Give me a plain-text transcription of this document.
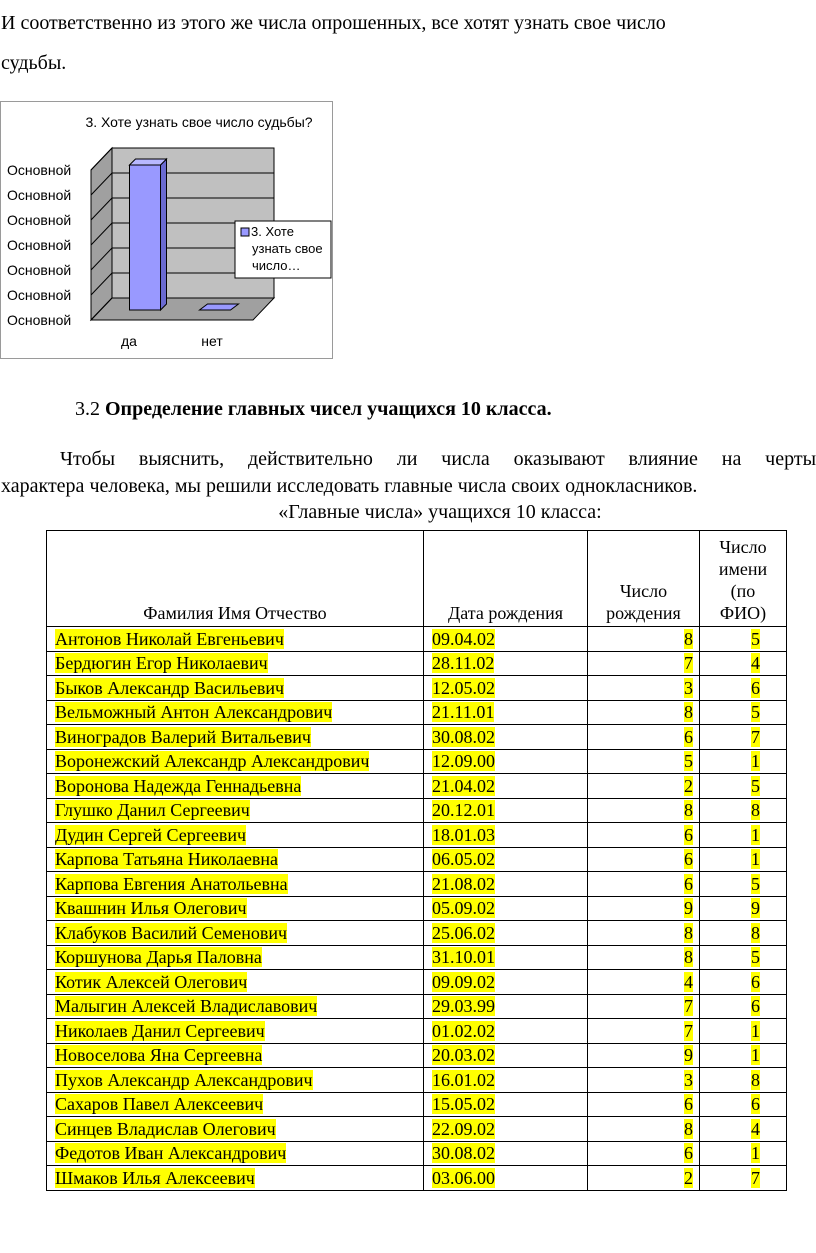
И соответственно из этого же числа опрошенных, все хотят узнать свое число
судьбы.
3. Хоте узнать свое число судьбы?
Основной
Основной
Основной
Основной
Основной
Основной
Основной
да	нет
3. Хоте
узнать свое
число…
3.2 Определение главных чисел учащихся 10 класса.
Чтобы выяснить, действительно ли числа оказывают влияние на черты
характера человека, мы решили исследовать главные числа своих однокласников.
«Главные числа» учащихся 10 класса:
Фамилия Имя Отчество	Дата рождения	Число рождения	Число имени (по ФИО)

Антонов Николай Евгеньевич	09.04.02	8	5
Бердюгин Егор Николаевич	28.11.02	7	4
Быков Александр Васильевич	12.05.02	3	6
Вельможный Антон Александрович	21.11.01	8	5
Виноградов Валерий Витальевич	30.08.02	6	7
Воронежский Александр Александрович	12.09.00	5	1
Воронова Надежда Геннадьевна	21.04.02	2	5
Глушко Данил Сергеевич	20.12.01	8	8
Дудин Сергей Сергеевич	18.01.03	6	1
Карпова Татьяна Николаевна	06.05.02	6	1
Карпова Евгения Анатольевна	21.08.02	6	5
Квашнин Илья Олегович	05.09.02	9	9
Клабуков Василий Семенович	25.06.02	8	8
Коршунова Дарья Паловна	31.10.01	8	5
Котик Алексей Олегович	09.09.02	4	6
Малыгин Алексей Владиславович	29.03.99	7	6
Николаев Данил Сергеевич	01.02.02	7	1
Новоселова Яна Сергеевна	20.03.02	9	1
Пухов Александр Александрович	16.01.02	3	8
Сахаров Павел Алексеевич	15.05.02	6	6
Синцев Владислав Олегович	22.09.02	8	4
Федотов Иван Александрович	30.08.02	6	1
Шмаков Илья Алексеевич	03.06.00	2	7
